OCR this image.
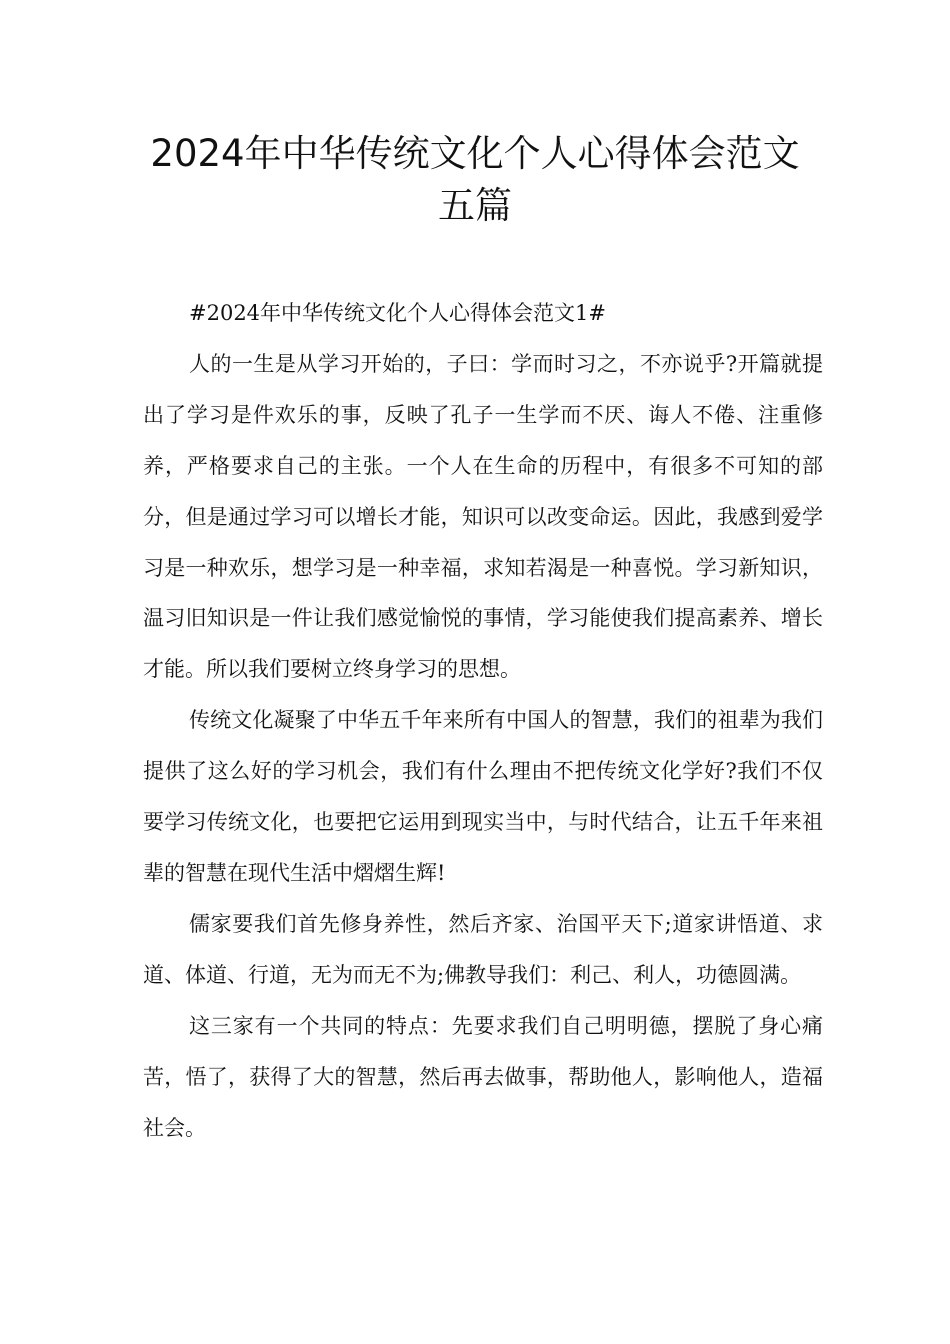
2024年中华传统文化个人心得体会范文
五篇

#2024年中华传统文化个人心得体会范文1#

人的一生是从学习开始的，子曰：学而时习之，不亦说乎?开篇就提出了学习是件欢乐的事，反映了孔子一生学而不厌、诲人不倦、注重修养，严格要求自己的主张。一个人在生命的历程中，有很多不可知的部分，但是通过学习可以增长才能，知识可以改变命运。因此，我感到爱学习是一种欢乐，想学习是一种幸福，求知若渴是一种喜悦。学习新知识，温习旧知识是一件让我们感觉愉悦的事情，学习能使我们提高素养、增长才能。所以我们要树立终身学习的思想。

传统文化凝聚了中华五千年来所有中国人的智慧，我们的祖辈为我们提供了这么好的学习机会，我们有什么理由不把传统文化学好?我们不仅要学习传统文化，也要把它运用到现实当中，与时代结合，让五千年来祖辈的智慧在现代生活中熠熠生辉!

儒家要我们首先修身养性，然后齐家、治国平天下;道家讲悟道、求道、体道、行道，无为而无不为;佛教导我们：利己、利人，功德圆满。

这三家有一个共同的特点：先要求我们自己明明德，摆脱了身心痛苦，悟了，获得了大的智慧，然后再去做事，帮助他人，影响他人，造福社会。
